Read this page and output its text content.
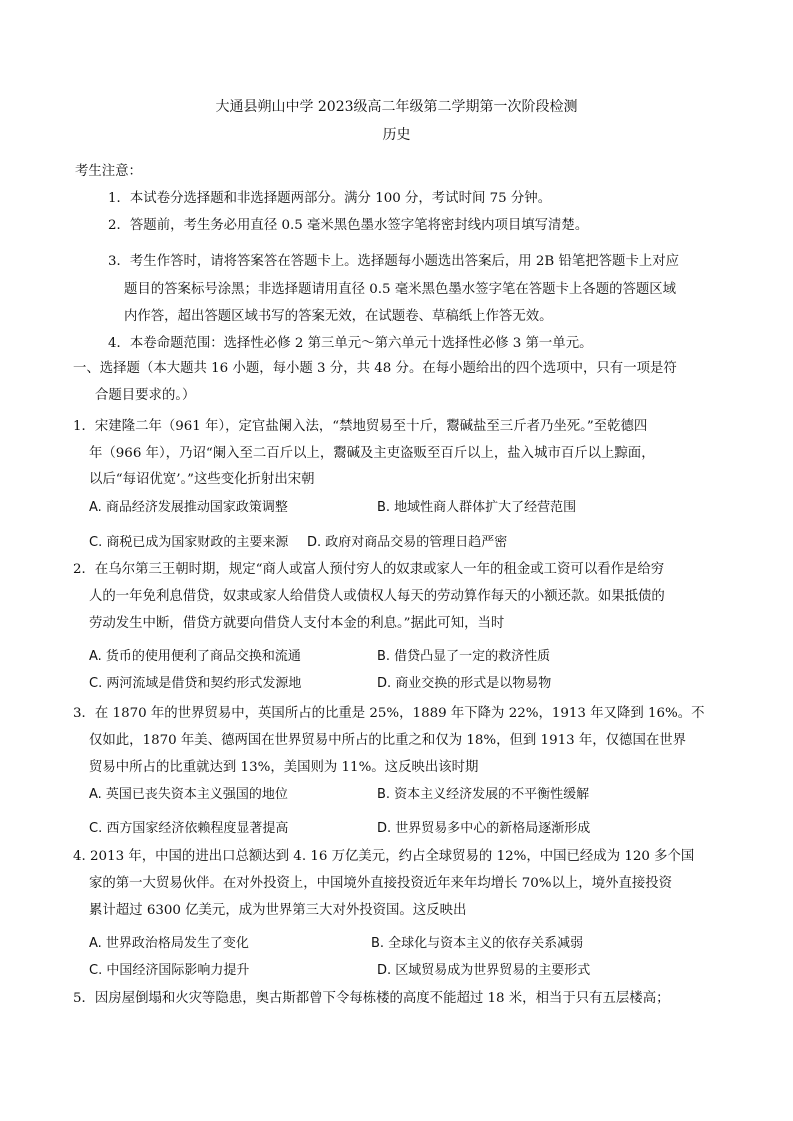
大通县朔山中学 2023级高二年级第二学期第一次阶段检测
历史
考生注意：
1．本试卷分选择题和非选择题两部分。满分 100 分，考试时间 75 分钟。
2．答题前，考生务必用直径 0.5 毫米黑色墨水签字笔将密封线内项目填写清楚。
3．考生作答时，请将答案答在答题卡上。选择题每小题选出答案后，用 2B 铅笔把答题卡上对应
题目的答案标号涂黑；非选择题请用直径 0.5 毫米黑色墨水签字笔在答题卡上各题的答题区域
内作答，超出答题区域书写的答案无效，在试题卷、草稿纸上作答无效。
4．本卷命题范围：选择性必修 2 第三单元～第六单元十选择性必修 3 第一单元。
一、选择题（本大题共 16 小题，每小题 3 分，共 48 分。在每小题给出的四个选项中，只有一项是符
合题目要求的。）
1．宋建隆二年（961 年），定官盐阑入法，“禁地贸易至十斤，鬻碱盐至三斤者乃坐死。”至乾德四
年（966 年），乃诏“阑入至二百斤以上，鬻碱及主吏盗贩至百斤以上，盐入城市百斤以上黥面，
以后“每诏优宽’。”这些变化折射出宋朝
A. 商品经济发展推动国家政策调整	B. 地域性商人群体扩大了经营范围
C. 商税已成为国家财政的主要来源 D. 政府对商品交易的管理日趋严密
2．在乌尔第三王朝时期，规定“商人或富人预付穷人的奴隶或家人一年的租金或工资可以看作是给穷
人的一年免利息借贷，奴隶或家人给借贷人或债权人每天的劳动算作每天的小额还款。如果抵债的
劳动发生中断，借贷方就要向借贷人支付本金的利息。”据此可知，当时
A. 货币的使用便利了商品交换和流通	B. 借贷凸显了一定的救济性质
C. 两河流域是借贷和契约形式发源地	D. 商业交换的形式是以物易物
3．在 1870 年的世界贸易中，英国所占的比重是 25%，1889 年下降为 22%，1913 年又降到 16%。不
仅如此，1870 年美、德两国在世界贸易中所占的比重之和仅为 18%，但到 1913 年，仅德国在世界
贸易中所占的比重就达到 13%，美国则为 11%。这反映出该时期
A. 英国已丧失资本主义强国的地位	B. 资本主义经济发展的不平衡性缓解
C. 西方国家经济依赖程度显著提高	D. 世界贸易多中心的新格局逐渐形成
4. 2013 年，中国的进出口总额达到 4. 16 万亿美元，约占全球贸易的 12%，中国已经成为 120 多个国
家的第一大贸易伙伴。在对外投资上，中国境外直接投资近年来年均增长 70%以上，境外直接投资
累计超过 6300 亿美元，成为世界第三大对外投资国。这反映出
A. 世界政治格局发生了变化	B. 全球化与资本主义的依存关系减弱
C. 中国经济国际影响力提升	D. 区域贸易成为世界贸易的主要形式
5．因房屋倒塌和火灾等隐患，奥古斯都曾下令每栋楼的高度不能超过 18 米，相当于只有五层楼高；
